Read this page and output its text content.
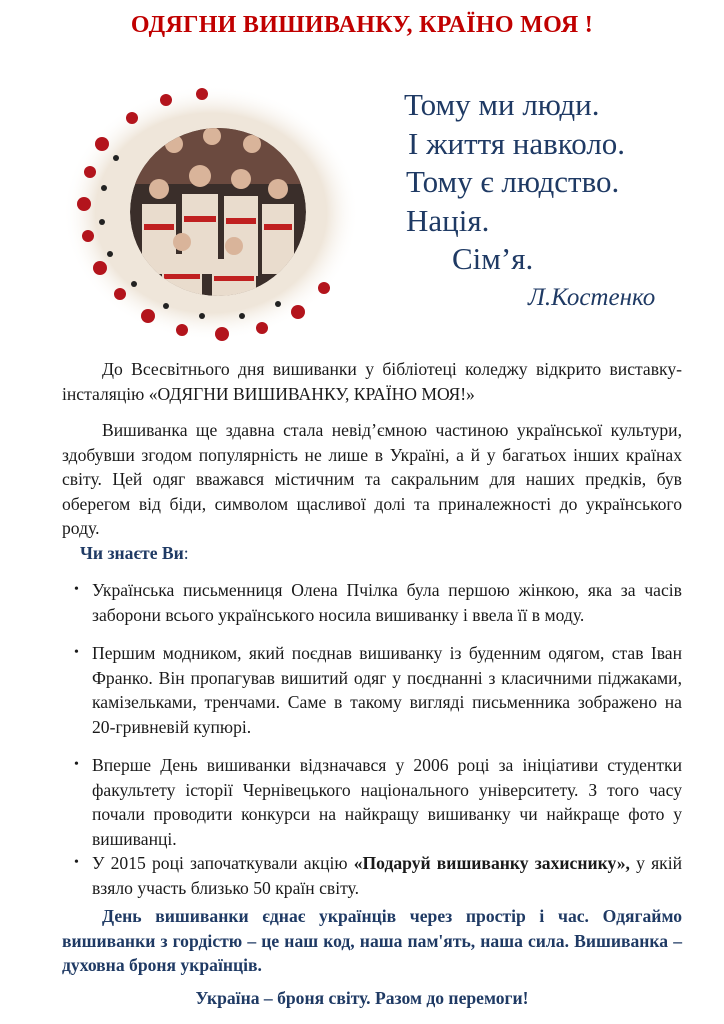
ОДЯГНИ ВИШИВАНКУ, КРАЇНО МОЯ !
Тому ми люди.
І життя навколо.
Тому є людство.
Нація.
Сім’я.
Л.Костенко
До Всесвітнього дня вишиванки у бібліотеці коледжу відкрито виставку-інсталяцію «ОДЯГНИ ВИШИВАНКУ, КРАЇНО МОЯ!»
Вишиванка ще здавна стала невід’ємною частиною української культури, здобувши згодом популярність не лише в Україні, а й у багатьох інших країнах світу. Цей одяг вважався містичним та сакральним для наших предків, був оберегом від біди, символом щасливої долі та приналежності до українського роду.
Чи знаєте Ви:
• Українська письменниця Олена Пчілка була першою жінкою, яка за часів заборони всього українського носила вишиванку і ввела її в моду.
• Першим модником, який поєднав вишиванку із буденним одягом, став Іван Франко. Він пропагував вишитий одяг у поєднанні з класичними піджаками, камізельками, тренчами. Саме в такому вигляді письменника зображено на 20-гривневій купюрі.
• Вперше День вишиванки відзначався у 2006 році за ініціативи студентки факультету історії Чернівецького національного університету. З того часу почали проводити конкурси на найкращу вишиванку чи найкраще фото у вишиванці.
• У 2015 році започаткували акцію «Подаруй вишиванку захиснику», у якій взяло участь близько 50 країн світу.
День вишиванки єднає українців через простір і час. Одягаймо вишиванки з гордістю – це наш код, наша пам'ять, наша сила. Вишиванка – духовна броня українців.
Україна – броня світу. Разом до перемоги!
